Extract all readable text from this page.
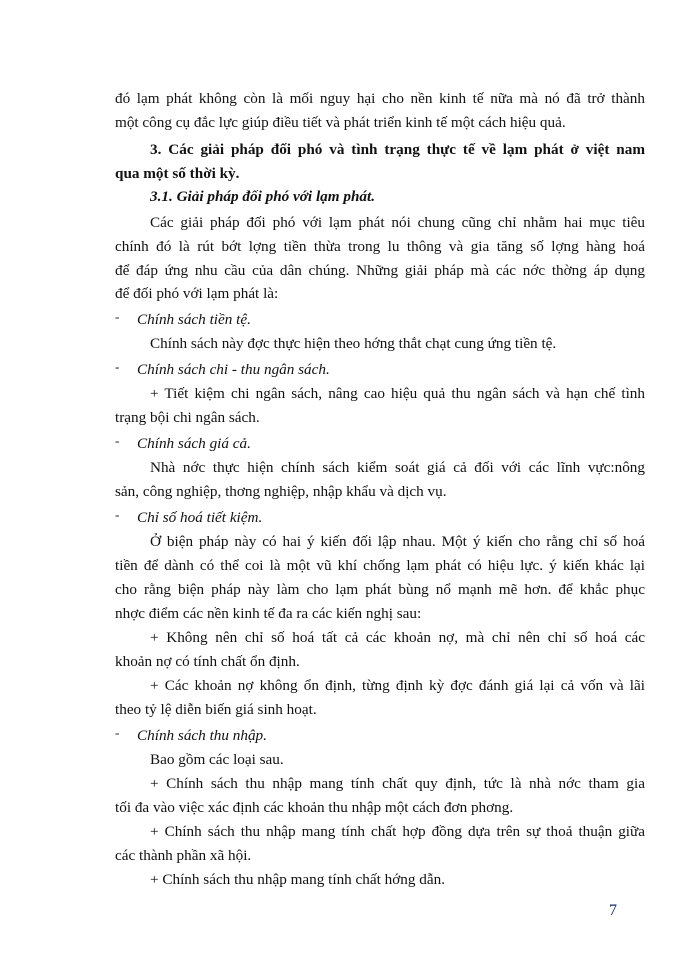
đó lạm phát không còn là mối nguy hại cho nền kinh tế nữa mà nó đã trở thành
một công cụ đắc lực giúp điều tiết và phát triển kinh tế một cách hiệu quả.
3. Các giải pháp đối phó và tình trạng thực tế về lạm phát ở việt nam
qua một số thời kỳ.
3.1. Giải pháp đối phó với lạm phát.
Các giải pháp đối phó với lạm phát nói chung cũng chỉ nhằm hai mục tiêu
chính đó là rút bớt lợng tiền thừa trong lu thông và gia tăng số lợng hàng hoá
để đáp ứng nhu cầu của dân chúng. Những giải pháp mà các nớc thờng áp dụng
để đối phó với lạm phát là:
- Chính sách tiền tệ.
Chính sách này đợc thực hiện theo hớng thắt chạt cung ứng tiền tệ.
- Chính sách chi - thu ngân sách.
+ Tiết kiệm chi ngân sách, nâng cao hiệu quả thu ngân sách và hạn chế tình
trạng bội chi ngân sách.
- Chính sách giá cả.
Nhà nớc thực hiện chính sách kiểm soát giá cả đối với các lĩnh vực:nông
sản, công nghiệp, thơng nghiệp, nhập khẩu và dịch vụ.
- Chỉ số hoá tiết kiệm.
Ở biện pháp này có hai ý kiến đối lập nhau. Một ý kiến cho rằng chỉ số hoá
tiền để dành có thể coi là một vũ khí chống lạm phát có hiệu lực. ý kiến khác lại
cho rằng biện pháp này làm cho lạm phát bùng nổ mạnh mẽ hơn. để khắc phục
nhợc điểm các nền kinh tế đa ra các kiến nghị sau:
+ Không nên chỉ số hoá tất cả các khoản nợ, mà chỉ nên chỉ số hoá các
khoản nợ có tính chất ổn định.
+ Các khoản nợ không ổn định, từng định kỳ đợc đánh giá lại cả vốn và lãi
theo tỷ lệ diễn biến giá sinh hoạt.
- Chính sách thu nhập.
Bao gồm các loại sau.
+ Chính sách thu nhập mang tính chất quy định, tức là nhà nớc tham gia
tối đa vào việc xác định các khoản thu nhập một cách đơn phơng.
+ Chính sách thu nhập mang tính chất hợp đồng dựa trên sự thoả thuận giữa
các thành phần xã hội.
+ Chính sách thu nhập mang tính chất hớng dẫn.
7
